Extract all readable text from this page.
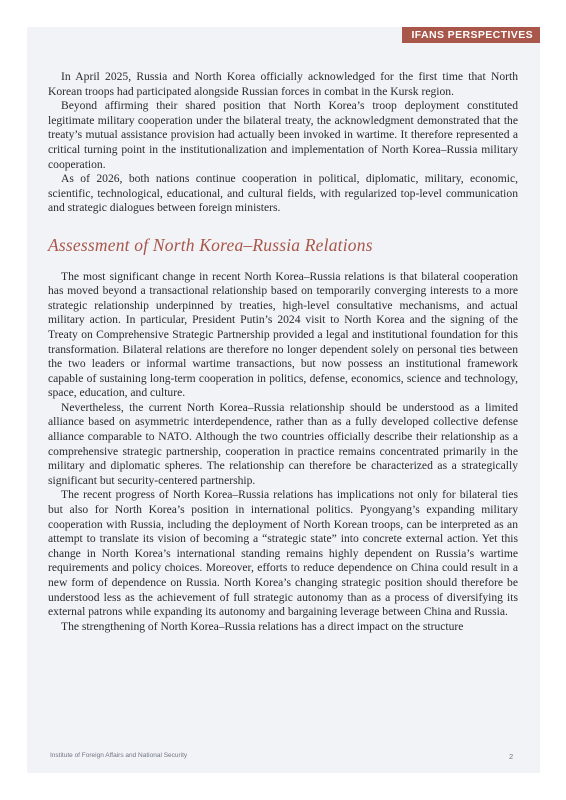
IFANS PERSPECTIVES

In April 2025, Russia and North Korea officially acknowledged for the first time that North Korean troops had participated alongside Russian forces in combat in the Kursk region.

Beyond affirming their shared position that North Korea’s troop deployment constituted legitimate military cooperation under the bilateral treaty, the acknowledgment demonstrated that the treaty’s mutual assistance provision had actually been invoked in wartime. It therefore represented a critical turning point in the institutionalization and implementation of North Korea–Russia military cooperation.

As of 2026, both nations continue cooperation in political, diplomatic, military, economic, scientific, technological, educational, and cultural fields, with regularized top-level communication and strategic dialogues between foreign ministers.

Assessment of North Korea–Russia Relations

The most significant change in recent North Korea–Russia relations is that bilateral cooperation has moved beyond a transactional relationship based on temporarily converging interests to a more strategic relationship underpinned by treaties, high-level consultative mechanisms, and actual military action. In particular, President Putin’s 2024 visit to North Korea and the signing of the Treaty on Comprehensive Strategic Partnership provided a legal and institutional foundation for this transformation. Bilateral relations are therefore no longer dependent solely on personal ties between the two leaders or informal wartime transactions, but now possess an institutional framework capable of sustaining long-term cooperation in politics, defense, economics, science and technology, space, education, and culture.

Nevertheless, the current North Korea–Russia relationship should be understood as a limited alliance based on asymmetric interdependence, rather than as a fully developed collective defense alliance comparable to NATO. Although the two countries officially describe their relationship as a comprehensive strategic partnership, cooperation in practice remains concentrated primarily in the military and diplomatic spheres. The relationship can therefore be characterized as a strategically significant but security-centered partnership.

The recent progress of North Korea–Russia relations has implications not only for bilateral ties but also for North Korea’s position in international politics. Pyongyang’s expanding military cooperation with Russia, including the deployment of North Korean troops, can be interpreted as an attempt to translate its vision of becoming a “strategic state” into concrete external action. Yet this change in North Korea’s international standing remains highly dependent on Russia’s wartime requirements and policy choices. Moreover, efforts to reduce dependence on China could result in a new form of dependence on Russia. North Korea’s changing strategic position should therefore be understood less as the achievement of full strategic autonomy than as a process of diversifying its external patrons while expanding its autonomy and bargaining leverage between China and Russia.

The strengthening of North Korea–Russia relations has a direct impact on the structure

Institute of Foreign Affairs and National Security	2
